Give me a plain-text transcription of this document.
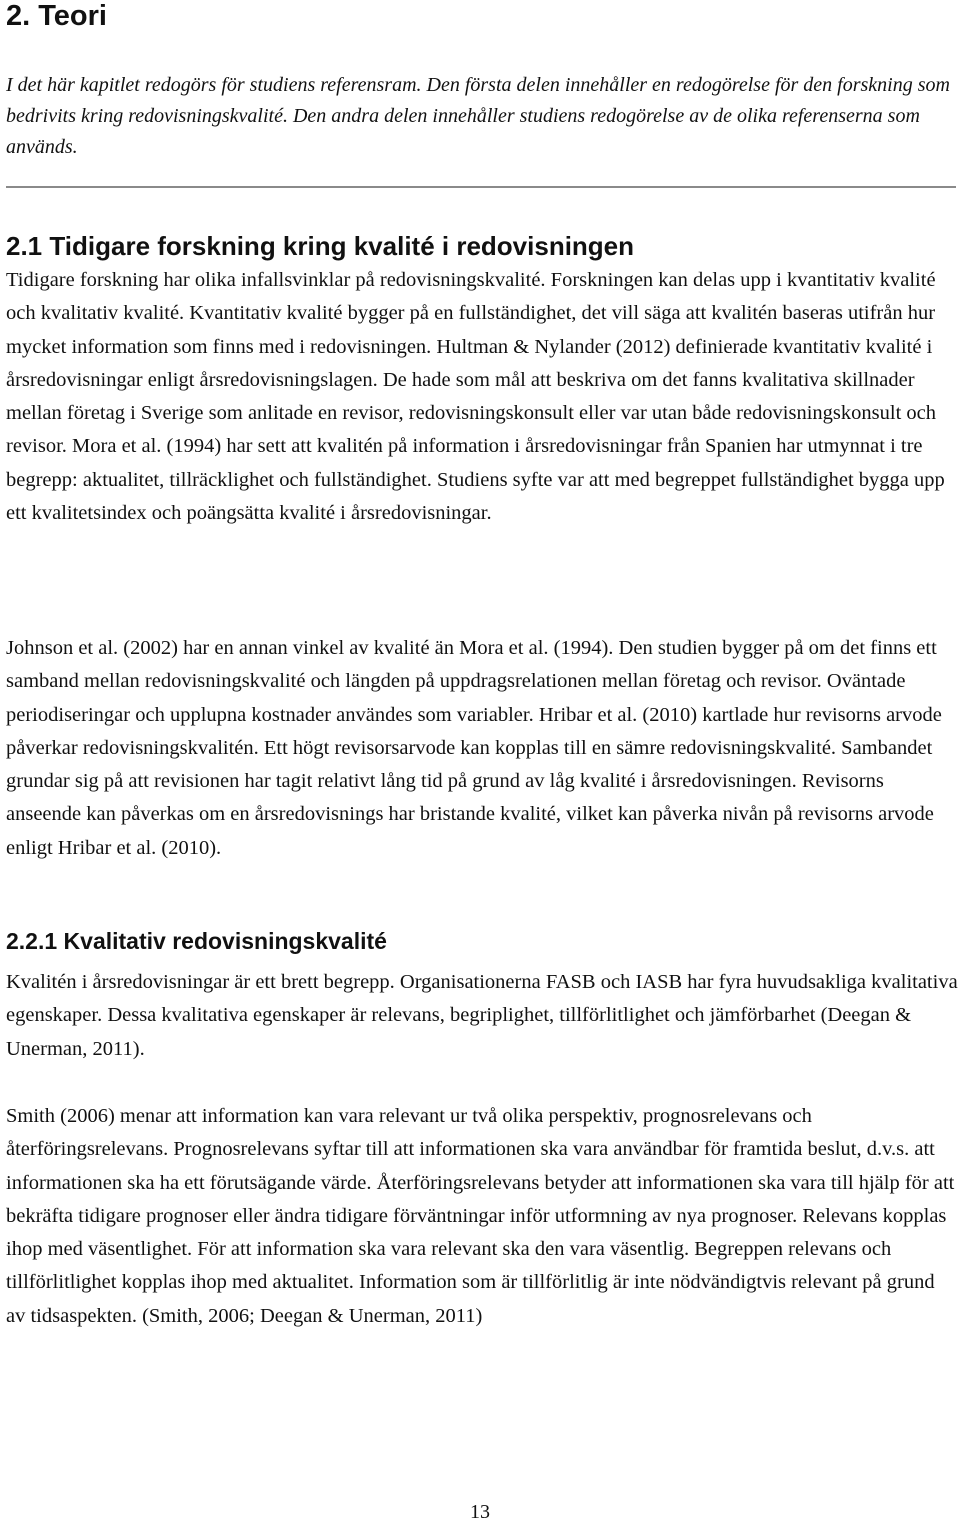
2. Teori

I det här kapitlet redogörs för studiens referensram. Den första delen innehåller en redogörelse för den forskning som bedrivits kring redovisningskvalité. Den andra delen innehåller studiens redogörelse av de olika referenserna som används.

2.1 Tidigare forskning kring kvalité i redovisningen

Tidigare forskning har olika infallsvinklar på redovisningskvalité. Forskningen kan delas upp i kvantitativ kvalité och kvalitativ kvalité. Kvantitativ kvalité bygger på en fullständighet, det vill säga att kvalitén baseras utifrån hur mycket information som finns med i redovisningen. Hultman & Nylander (2012) definierade kvantitativ kvalité i årsredovisningar enligt årsredovisningslagen. De hade som mål att beskriva om det fanns kvalitativa skillnader mellan företag i Sverige som anlitade en revisor, redovisningskonsult eller var utan både redovisningskonsult och revisor. Mora et al. (1994) har sett att kvalitén på information i årsredovisningar från Spanien har utmynnat i tre begrepp: aktualitet, tillräcklighet och fullständighet. Studiens syfte var att med begreppet fullständighet bygga upp ett kvalitetsindex och poängsätta kvalité i årsredovisningar.

Johnson et al. (2002) har en annan vinkel av kvalité än Mora et al. (1994). Den studien bygger på om det finns ett samband mellan redovisningskvalité och längden på uppdragsrelationen mellan företag och revisor. Oväntade periodiseringar och upplupna kostnader användes som variabler. Hribar et al. (2010) kartlade hur revisorns arvode påverkar redovisningskvalitén. Ett högt revisorsarvode kan kopplas till en sämre redovisningskvalité. Sambandet grundar sig på att revisionen har tagit relativt lång tid på grund av låg kvalité i årsredovisningen. Revisorns anseende kan påverkas om en årsredovisnings har bristande kvalité, vilket kan påverka nivån på revisorns arvode enligt Hribar et al. (2010).

2.2.1 Kvalitativ redovisningskvalité

Kvalitén i årsredovisningar är ett brett begrepp. Organisationerna FASB och IASB har fyra huvudsakliga kvalitativa egenskaper. Dessa kvalitativa egenskaper är relevans, begriplighet, tillförlitlighet och jämförbarhet (Deegan & Unerman, 2011).

Smith (2006) menar att information kan vara relevant ur två olika perspektiv, prognosrelevans och återföringsrelevans. Prognosrelevans syftar till att informationen ska vara användbar för framtida beslut, d.v.s. att informationen ska ha ett förutsägande värde. Återföringsrelevans betyder att informationen ska vara till hjälp för att bekräfta tidigare prognoser eller ändra tidigare förväntningar inför utformning av nya prognoser. Relevans kopplas ihop med väsentlighet. För att information ska vara relevant ska den vara väsentlig. Begreppen relevans och tillförlitlighet kopplas ihop med aktualitet. Information som är tillförlitlig är inte nödvändigtvis relevant på grund av tidsaspekten. (Smith, 2006; Deegan & Unerman, 2011)

13
